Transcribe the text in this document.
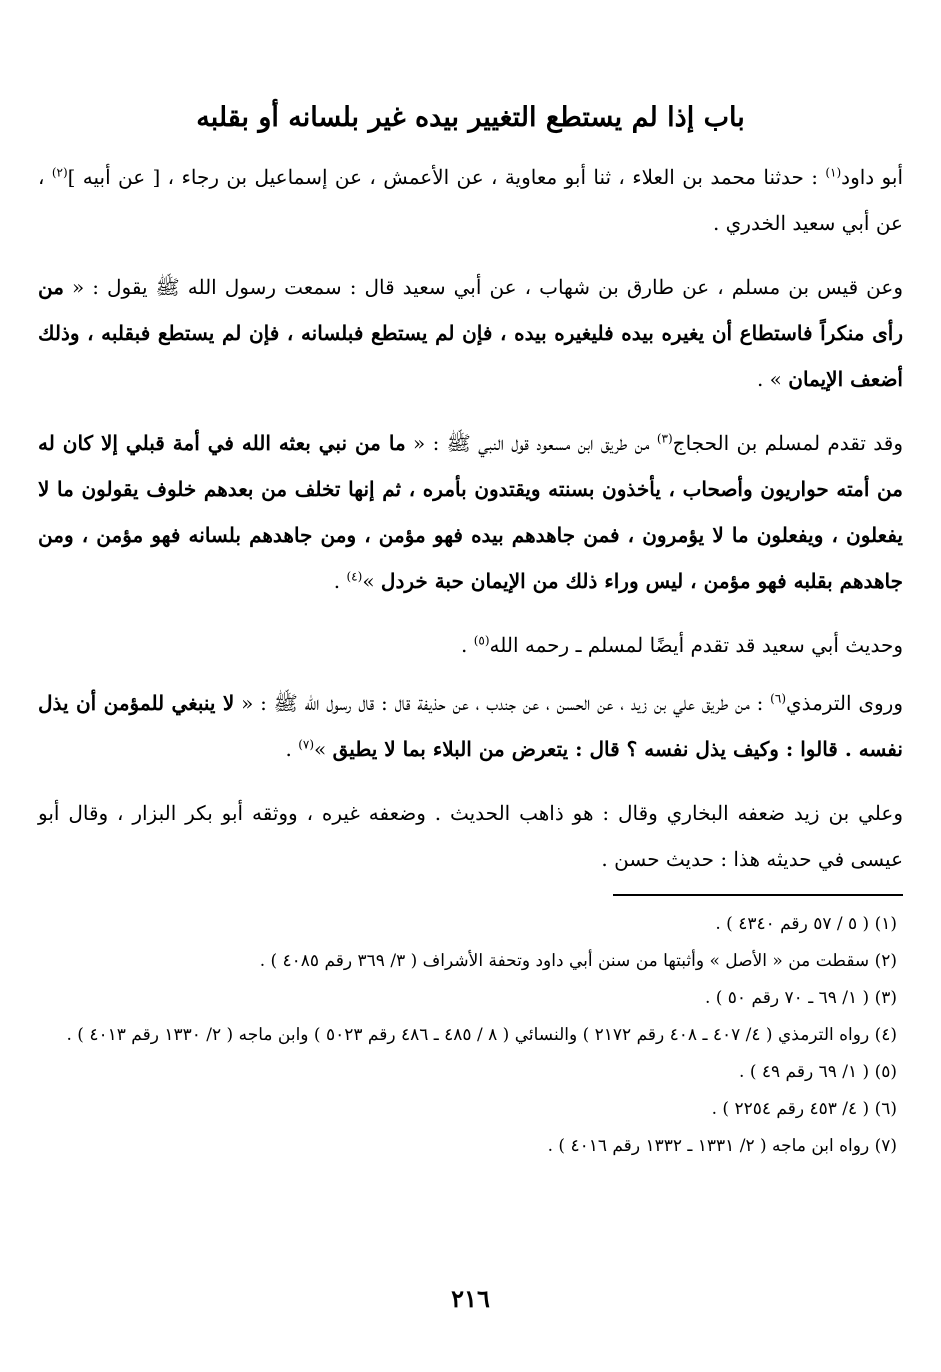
باب إذا لم يستطع التغيير بيده غير بلسانه أو بقلبه

أبو داود$^{(١)}$ : حدثنا محمد بن العلاء ، ثنا أبو معاوية ، عن الأعمش ، عن إسماعيل بن رجاء ، [ عن أبيه ]$^{(٢)}$ ، عن أبي سعيد الخدري .

وعن قيس بن مسلم ، عن طارق بن شهاب ، عن أبي سعيد قال : سمعت رسول الله ﷺ يقول : « من رأى منكراً فاستطاع أن يغيره بيده فليغيره بيده ، فإن لم يستطع فبلسانه ، فإن لم يستطع فبقلبه ، وذلك أضعف الإيمان » .

وقد تقدم لمسلم بن الحجاج$^{(٣)}$ من طريق ابن مسعود قول النبي ﷺ : « ما من نبي بعثه الله في أمة قبلي إلا كان له من أمته حواريون وأصحاب ، يأخذون بسنته ويقتدون بأمره ، ثم إنها تخلف من بعدهم خلوف يقولون ما لا يفعلون ، ويفعلون ما لا يؤمرون ، فمن جاهدهم بيده فهو مؤمن ، ومن جاهدهم بلسانه فهو مؤمن ، ومن جاهدهم بقلبه فهو مؤمن ، ليس وراء ذلك من الإيمان حبة خردل »$^{(٤)}$ .

وحديث أبي سعيد قد تقدم أيضًا لمسلم ـ رحمه الله$^{(٥)}$ .

وروى الترمذي$^{(٦)}$ : من طريق علي بن زيد ، عن الحسن ، عن جندب ، عن حذيفة قال : قال رسول الله ﷺ : « لا ينبغي للمؤمن أن يذل نفسه . قالوا : وكيف يذل نفسه ؟ قال : يتعرض من البلاء بما لا يطيق »$^{(٧)}$ .

وعلي بن زيد ضعفه البخاري وقال : هو ذاهب الحديث . وضعفه غيره ، ووثقه أبو بكر البزار ، وقال أبو عيسى في حديثه هذا : حديث حسن .

(١) ( ٥ / ٥٧ رقم ٤٣٤٠ ) .

(٢) سقطت من « الأصل » وأثبتها من سنن أبي داود وتحفة الأشراف ( ٣/ ٣٦٩ رقم ٤٠٨٥ ) .

(٣) ( ١/ ٦٩ ـ ٧٠ رقم ٥٠ ) .

(٤) رواه الترمذي ( ٤/ ٤٠٧ ـ ٤٠٨ رقم ٢١٧٢ ) والنسائي ( ٨ / ٤٨٥ ـ ٤٨٦ رقم ٥٠٢٣ ) وابن ماجه ( ٢/ ١٣٣٠ رقم ٤٠١٣ ) .

(٥) ( ١/ ٦٩ رقم ٤٩ ) .

(٦) ( ٤/ ٤٥٣ رقم ٢٢٥٤ ) .

(٧) رواه ابن ماجه ( ٢/ ١٣٣١ ـ ١٣٣٢ رقم ٤٠١٦ ) .

٢١٦
